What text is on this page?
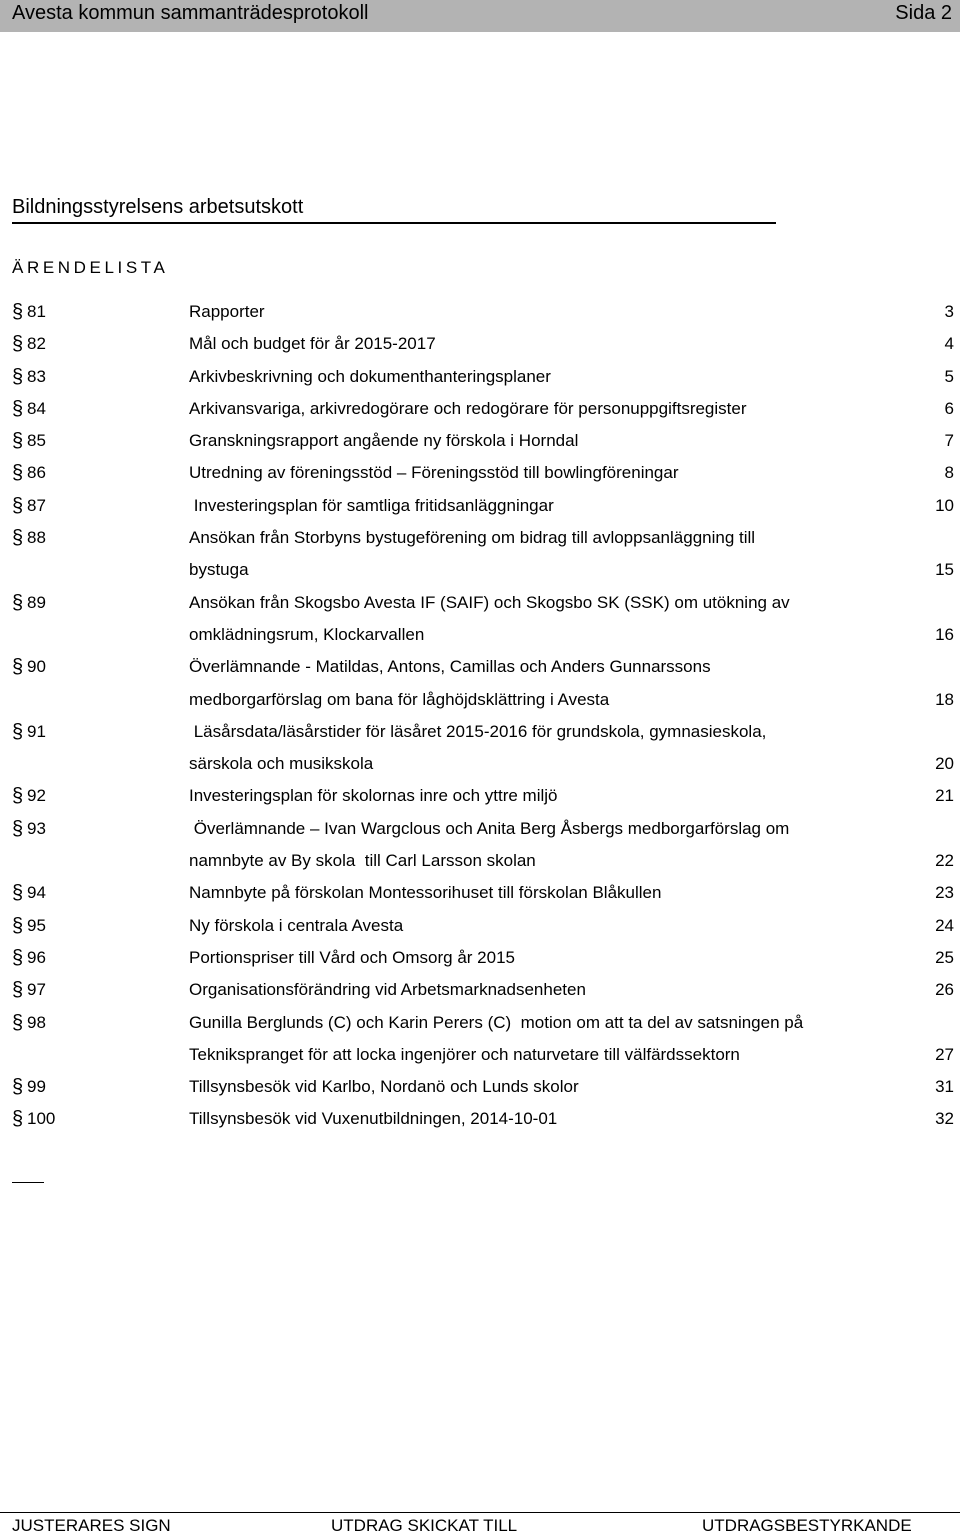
Avesta kommun sammanträdesprotokoll	Sida 2
Bildningsstyrelsens arbetsutskott
ÄRENDELISTA
§ 81	Rapporter	3
§ 82	Mål och budget för år 2015-2017	4
§ 83	Arkivbeskrivning och dokumenthanteringsplaner	5
§ 84	Arkivansvariga, arkivredogörare och redogörare för personuppgiftsregister	6
§ 85	Granskningsrapport angående ny förskola i Horndal	7
§ 86	Utredning av föreningsstöd – Föreningsstöd till bowlingföreningar	8
§ 87	Investeringsplan för samtliga fritidsanläggningar	10
§ 88	Ansökan från Storbyns bystugeförening om bidrag till avloppsanläggning till
bystuga	15
§ 89	Ansökan från Skogsbo Avesta IF (SAIF) och Skogsbo SK (SSK) om utökning av
omklädningsrum, Klockarvallen	16
§ 90	Överlämnande - Matildas, Antons, Camillas och Anders Gunnarssons
medborgarförslag om bana för låghöjdsklättring i Avesta	18
§ 91	Läsårsdata/läsårstider för läsåret 2015-2016 för grundskola, gymnasieskola,
särskola och musikskola	20
§ 92	Investeringsplan för skolornas inre och yttre miljö	21
§ 93	Överlämnande – Ivan Wargclous och Anita Berg Åsbergs medborgarförslag om
namnbyte av By skola  till Carl Larsson skolan	22
§ 94	Namnbyte på förskolan Montessorihuset till förskolan Blåkullen	23
§ 95	Ny förskola i centrala Avesta	24
§ 96	Portionspriser till Vård och Omsorg år 2015	25
§ 97	Organisationsförändring vid Arbetsmarknadsenheten	26
§ 98	Gunilla Berglunds (C) och Karin Perers (C)  motion om att ta del av satsningen på
Teknikspranget för att locka ingenjörer och naturvetare till välfärdssektorn	27
§ 99	Tillsynsbesök vid Karlbo, Nordanö och Lunds skolor	31
§ 100	Tillsynsbesök vid Vuxenutbildningen, 2014-10-01	32
JUSTERARES SIGN	UTDRAG SKICKAT TILL	UTDRAGSBESTYRKANDE
